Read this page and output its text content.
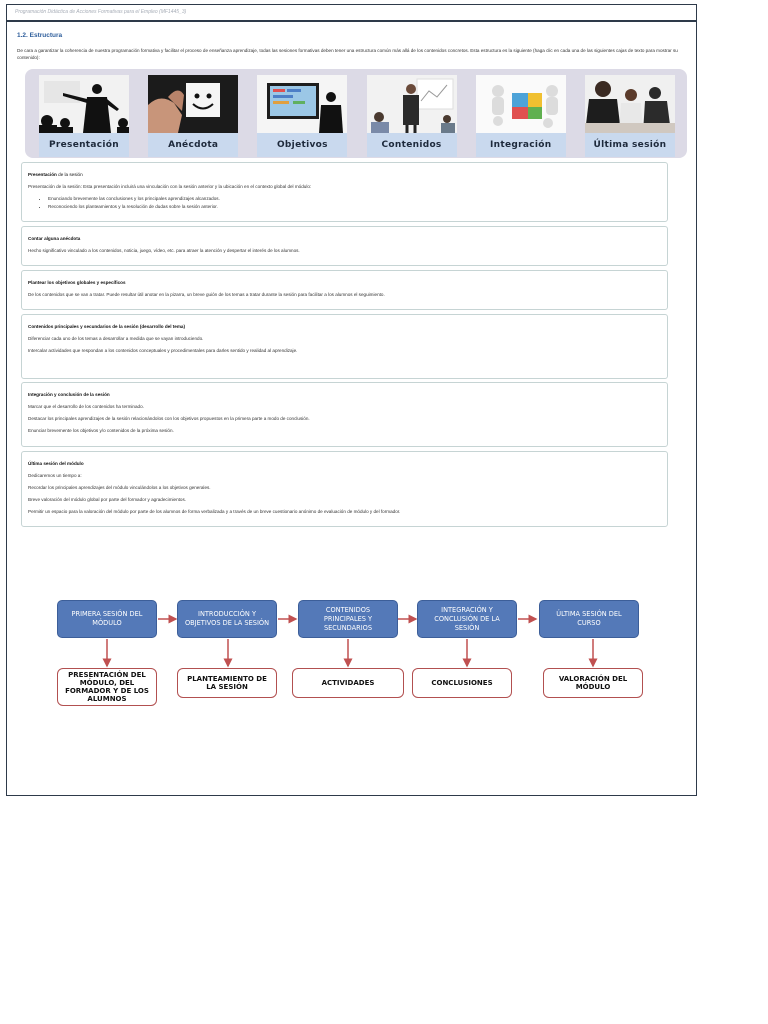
Programación Didáctica de Acciones Formativas para el Empleo (MF1445_3)
1.2. Estructura
De cara a garantizar la coherencia de nuestra programación formativa y facilitar el proceso de enseñanza aprendizaje, todas las sesiones formativas deben tener una estructura común más allá de los contenidos concretos. Esta estructura es la siguiente (haga clic en cada una de las siguientes cajas de texto para mostrar su contenido):
Presentación	Anécdota	Objetivos	Contenidos	Integración	Última sesión
Presentación de la sesión

Presentación de la sesión: Esta presentación incluirá una vinculación con la sesión anterior y la ubicación en el contexto global del módulo:

• Enunciando brevemente las conclusiones y los principales aprendizajes alcanzados.
• Reconociendo los planteamientos y la resolución de dudas sobre la sesión anterior.
Contar alguna anécdota

Hecho significativo vinculado a los contenidos, noticia, juego, vídeo, etc. para atraer la atención y despertar el interés de los alumnos.

Plantear los objetivos globales y específicos

De los contenidos que se van a tratar. Puede resultar útil anotar en la pizarra, un breve guión de los temas a tratar durante la sesión para facilitar a los alumnos el seguimiento.

Contenidos principales y secundarios de la sesión (desarrollo del tema)

Diferenciar cada uno de los temas a desarrollar a medida que se vayan introduciendo.

Intercalar actividades que respondan a los contenidos conceptuales y procedimentales para darles sentido y realidad al aprendizaje.

Integración y conclusión de la sesión

Marcar que el desarrollo de los contenidos ha terminado.

Destacar los principales aprendizajes de la sesión relacionándolos con los objetivos propuestos en la primera parte a modo de conclusión.

Enunciar brevemente los objetivos y/o contenidos de la próxima sesión.

Última sesión del módulo

Dedicaremos un tiempo a:

Recordar los principales aprendizajes del módulo vinculándolos a los objetivos generales.

Breve valoración del módulo global por parte del formador y agradecimientos.

Permitir un espacio para la valoración del módulo por parte de los alumnos de forma verbalizada y a través de un breve cuestionario anónimo de evaluación de módulo y del formador.

PRIMERA SESIÓN DEL MÓDULO
INTRODUCCIÓN Y OBJETIVOS DE LA SESIÓN
CONTENIDOS PRINCIPALES Y SECUNDARIOS
INTEGRACIÓN Y CONCLUSIÓN DE LA SESIÓN
ÚLTIMA SESIÓN DEL CURSO
PRESENTACIÓN DEL MÓDULO, DEL FORMADOR Y DE LOS ALUMNOS
PLANTEAMIENTO DE LA SESIÓN	ACTIVIDADES	CONCLUSIONES	VALORACIÓN DEL MÓDULO
